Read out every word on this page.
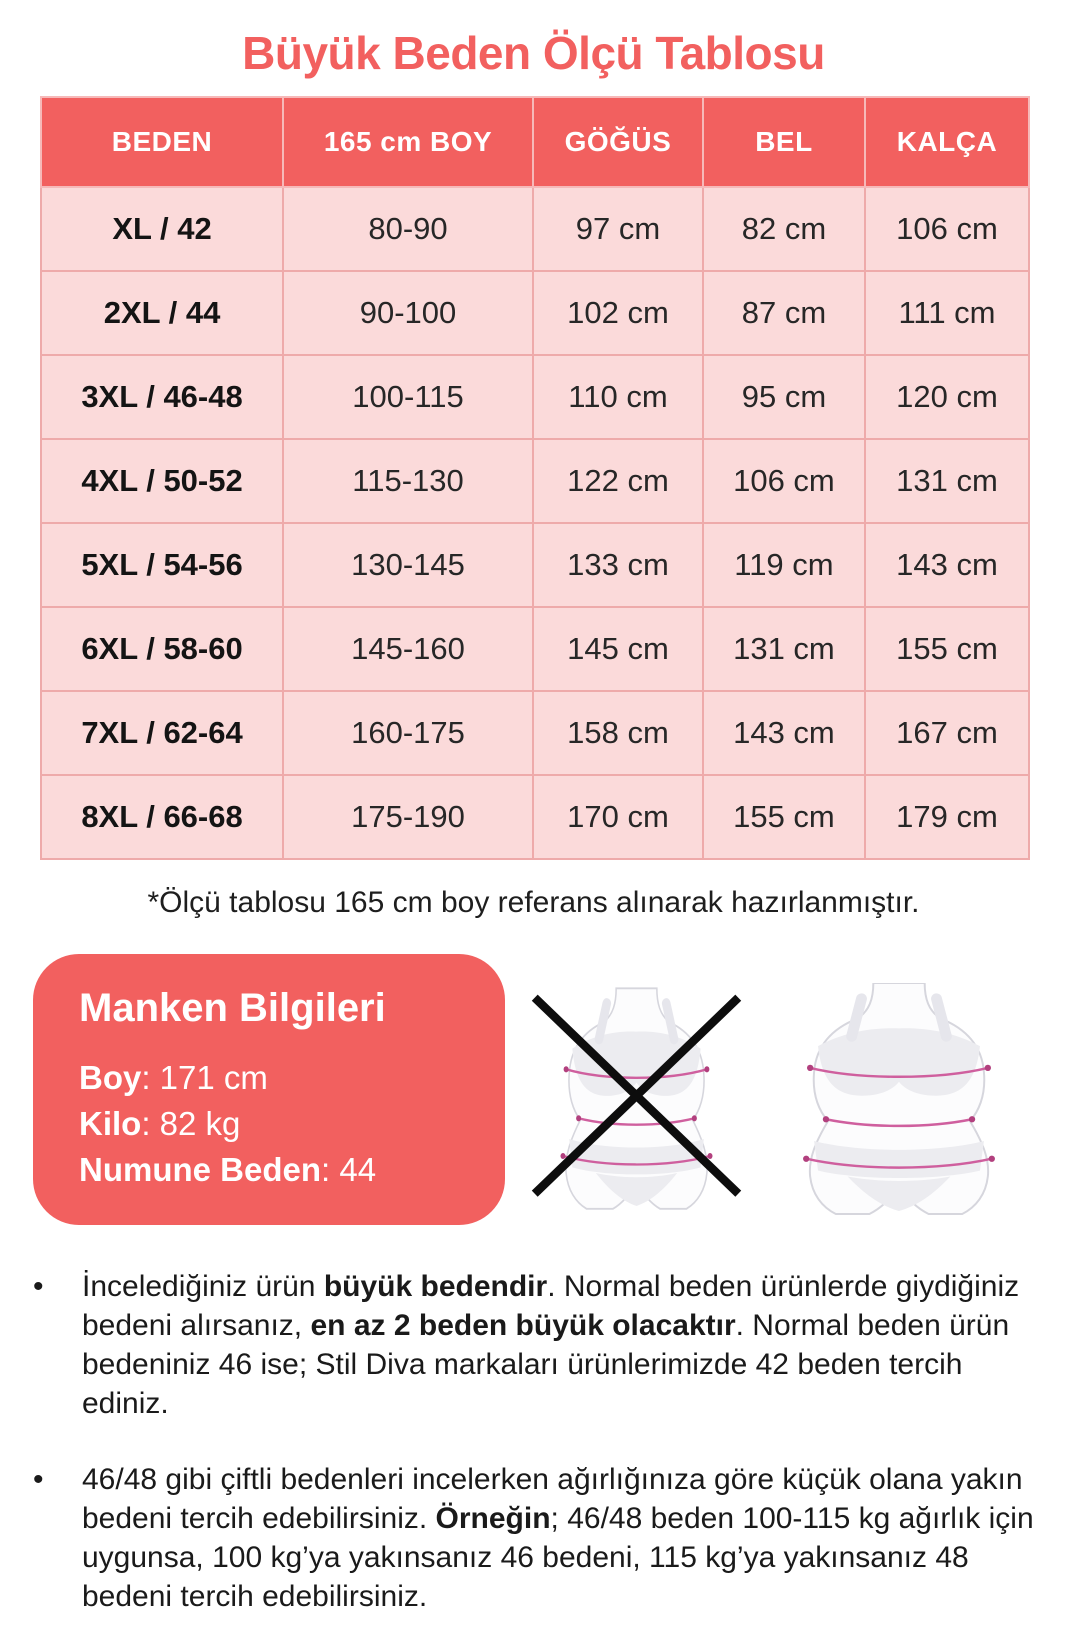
Büyük Beden Ölçü Tablosu
BEDEN	165 cm BOY	GÖĞÜS	BEL	KALÇA
XL / 42	80-90	97 cm	82 cm	106 cm
2XL / 44	90-100	102 cm	87 cm	111 cm
3XL / 46-48	100-115	110 cm	95 cm	120 cm
4XL / 50-52	115-130	122 cm	106 cm	131 cm
5XL / 54-56	130-145	133 cm	119 cm	143 cm
6XL / 58-60	145-160	145 cm	131 cm	155 cm
7XL / 62-64	160-175	158 cm	143 cm	167 cm
8XL / 66-68	175-190	170 cm	155 cm	179 cm
*Ölçü tablosu 165 cm boy referans alınarak hazırlanmıştır.
Manken Bilgileri
Boy: 171 cm
Kilo: 82 kg
Numune Beden: 44
•	İncelediğiniz ürün büyük bedendir. Normal beden ürünlerde giydiğiniz bedeni alırsanız, en az 2 beden büyük olacaktır. Normal beden ürün bedeniniz 46 ise; Stil Diva markaları ürünlerimizde 42 beden tercih ediniz.
•	46/48 gibi çiftli bedenleri incelerken ağırlığınıza göre küçük olana yakın bedeni tercih edebilirsiniz. Örneğin; 46/48 beden 100-115 kg ağırlık için uygunsa, 100 kg’ya yakınsanız 46 bedeni, 115 kg’ya yakınsanız 48 bedeni tercih edebilirsiniz.
